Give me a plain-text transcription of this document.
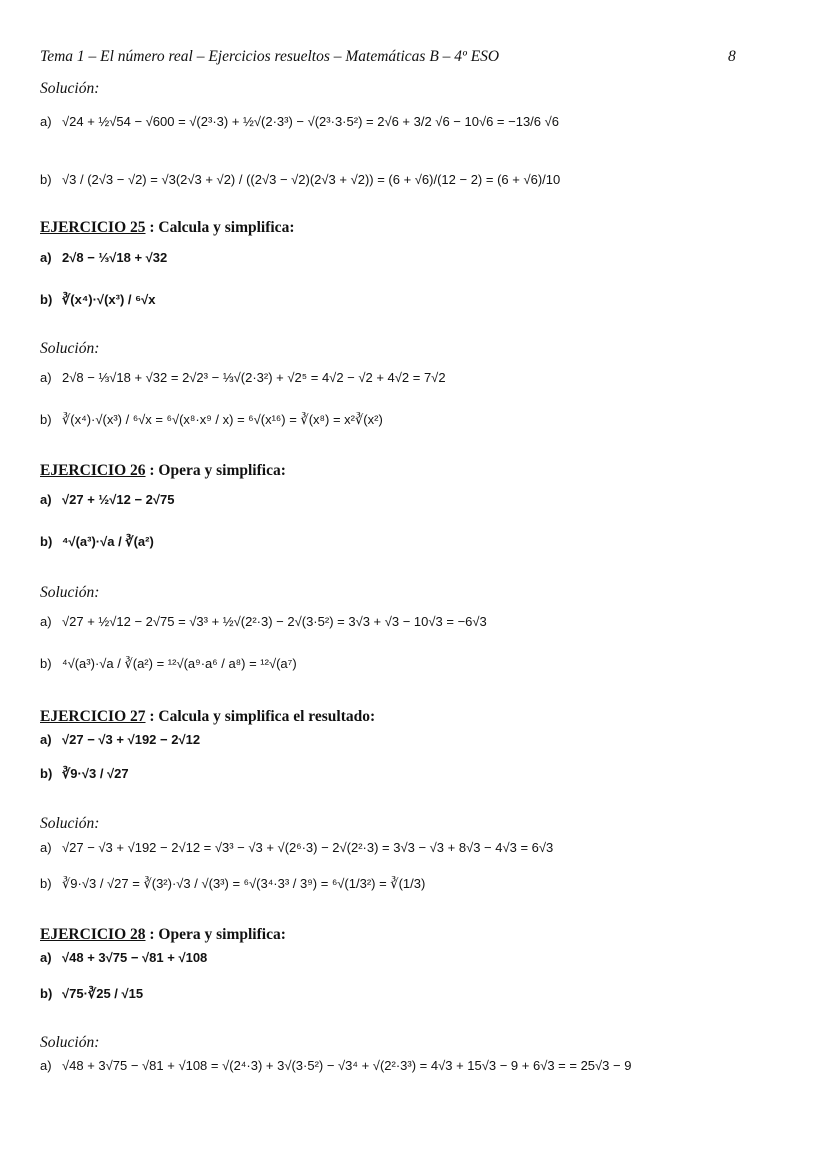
Tema 1 – El número real – Ejercicios resueltos – Matemáticas B – 4º ESO	8
Solución:
a) √24 + ½√54 − √600 = √(2³·3) + ½√(2·3³) − √(2³·3·5²) = 2√6 + 3/2 √6 − 10√6 = −13/6 √6
b) √3 / (2√3 − √2) = √3(2√3 + √2) / ((2√3 − √2)(2√3 + √2)) = (6 + √6)/(12 − 2) = (6 + √6)/10
EJERCICIO 25 : Calcula y simplifica:
a) 2√8 − ⅓√18 + √32
b) ∛(x⁴)·√(x³) / ⁶√x
Solución:
a) 2√8 − ⅓√18 + √32 = 2√2³ − ⅓√(2·3²) + √2⁵ = 4√2 − √2 + 4√2 = 7√2
b) ∛(x⁴)·√(x³) / ⁶√x = ⁶√(x⁸·x⁹ / x) = ⁶√(x¹⁶) = ∛(x⁸) = x²∛(x²)
EJERCICIO 26 : Opera y simplifica:
a) √27 + ½√12 − 2√75
b) ⁴√(a³)·√a / ∛(a²)
Solución:
a) √27 + ½√12 − 2√75 = √3³ + ½√(2²·3) − 2√(3·5²) = 3√3 + √3 − 10√3 = −6√3
b) ⁴√(a³)·√a / ∛(a²) = ¹²√(a⁹·a⁶ / a⁸) = ¹²√(a⁷)
EJERCICIO 27 : Calcula y simplifica el resultado:
a) √27 − √3 + √192 − 2√12
b) ∛9·√3 / √27
Solución:
a) √27 − √3 + √192 − 2√12 = √3³ − √3 + √(2⁶·3) − 2√(2²·3) = 3√3 − √3 + 8√3 − 4√3 = 6√3
b) ∛9·√3 / √27 = ∛(3²)·√3 / √(3³) = ⁶√(3⁴·3³ / 3⁹) = ⁶√(1/3²) = ∛(1/3)
EJERCICIO 28 : Opera y simplifica:
a) √48 + 3√75 − √81 + √108
b) √75·∛25 / √15
Solución:
a) √48 + 3√75 − √81 + √108 = √(2⁴·3) + 3√(3·5²) − √3⁴ + √(2²·3³) = 4√3 + 15√3 − 9 + 6√3 = = 25√3 − 9
